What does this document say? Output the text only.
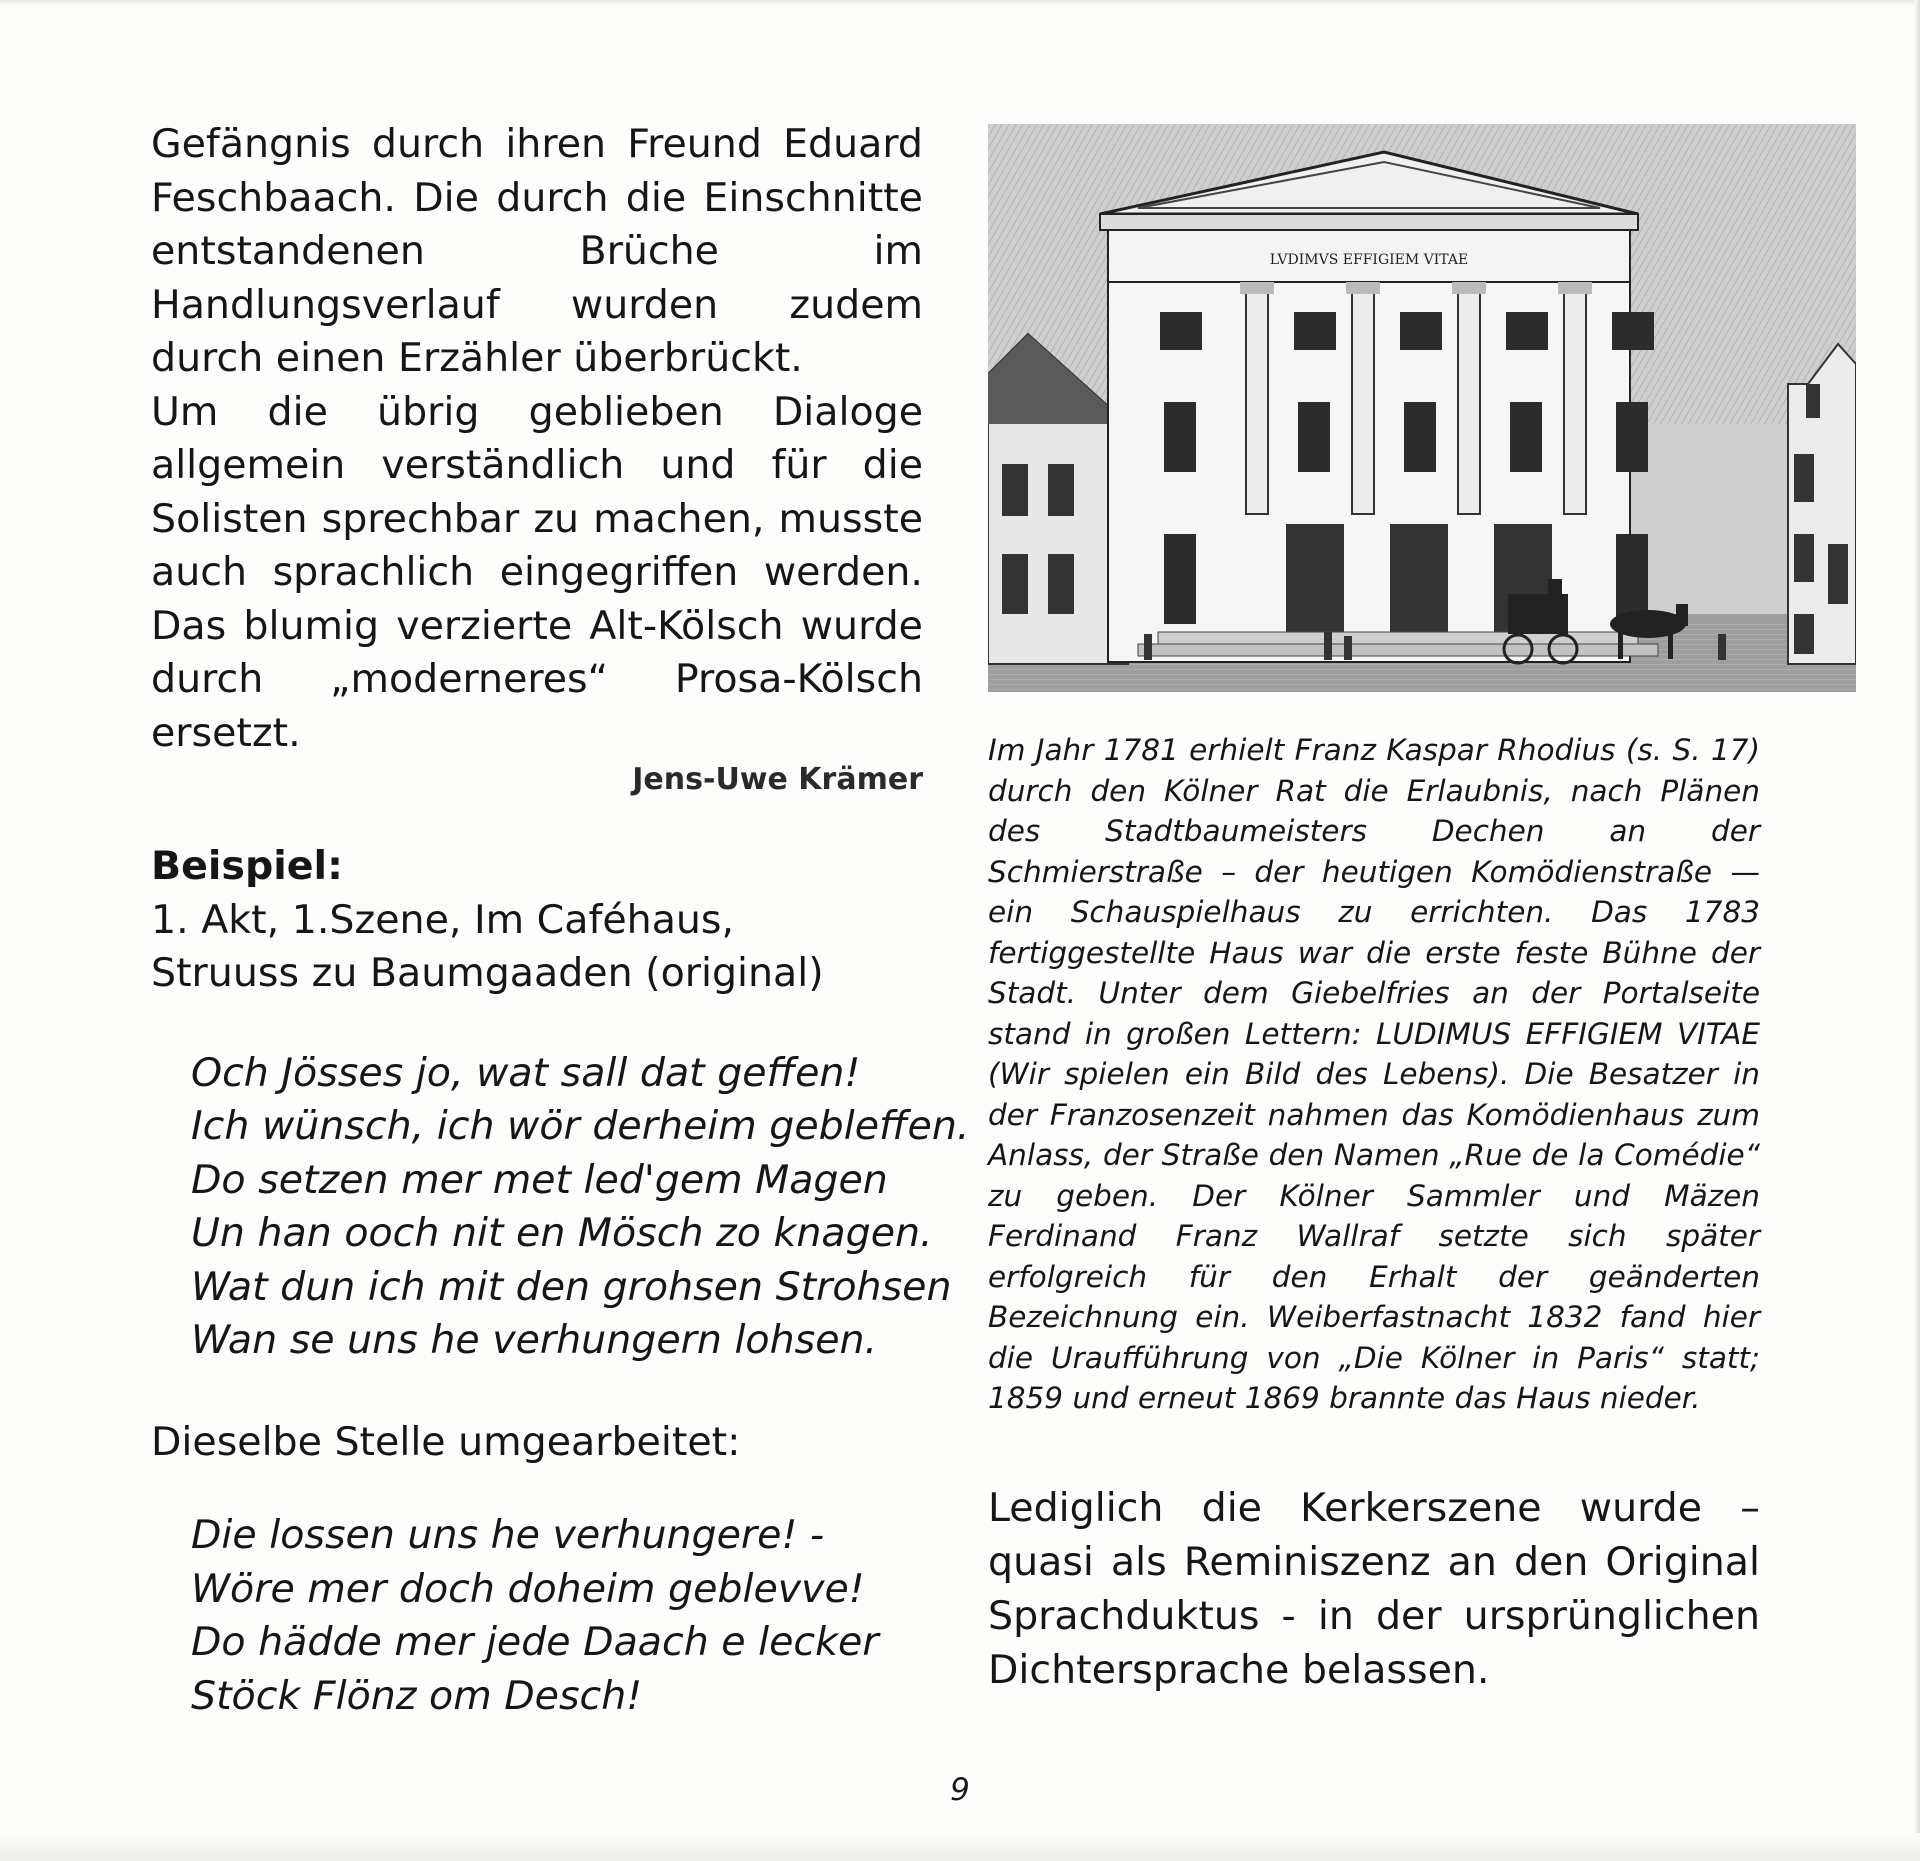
Gefängnis durch ihren Freund Eduard Feschbaach. Die durch die Einschnitte entstandenen Brüche im Handlungsverlauf wurden zudem durch einen Erzähler überbrückt.

Um die übrig geblieben Dialoge allgemein verständlich und für die Solisten sprechbar zu machen, musste auch sprachlich eingegriffen werden. Das blumig verzierte Alt-Kölsch wurde durch „moderneres“ Prosa-Kölsch ersetzt.

Jens-Uwe Krämer

Beispiel:

1. Akt, 1.Szene, Im Caféhaus,

Struuss zu Baumgaaden (original)

Och Jösses jo, wat sall dat geffen!
Ich wünsch, ich wör derheim gebleffen.
Do setzen mer met led'gem Magen
Un han ooch nit en Mösch zo knagen.
Wat dun ich mit den grohsen Strohsen
Wan se uns he verhungern lohsen.

Dieselbe Stelle umgearbeitet:

Die lossen uns he verhungere! -
Wöre mer doch doheim geblevve!
Do hädde mer jede Daach e lecker
Stöck Flönz om Desch!
LVDIMVS EFFIGIEM VITAE

Im Jahr 1781 erhielt Franz Kaspar Rhodius (s. S. 17) durch den Kölner Rat die Erlaubnis, nach Plänen des Stadtbaumeisters Dechen an der Schmierstraße – der heutigen Komödienstraße — ein Schauspielhaus zu errichten. Das 1783 fertiggestellte Haus war die erste feste Bühne der Stadt. Unter dem Giebelfries an der Portalseite stand in großen Lettern: LUDIMUS EFFIGIEM VITAE (Wir spielen ein Bild des Lebens). Die Besatzer in der Franzosenzeit nahmen das Komödienhaus zum Anlass, der Straße den Namen „Rue de la Comédie“ zu geben. Der Kölner Sammler und Mäzen Ferdinand Franz Wallraf setzte sich später erfolgreich für den Erhalt der geänderten Bezeichnung ein. Weiberfastnacht 1832 fand hier die Uraufführung von „Die Kölner in Paris“ statt; 1859 und erneut 1869 brannte das Haus nieder.

Lediglich die Kerkerszene wurde – quasi als Reminiszenz an den Original Sprachduktus - in der ursprünglichen Dichtersprache belassen.

9
